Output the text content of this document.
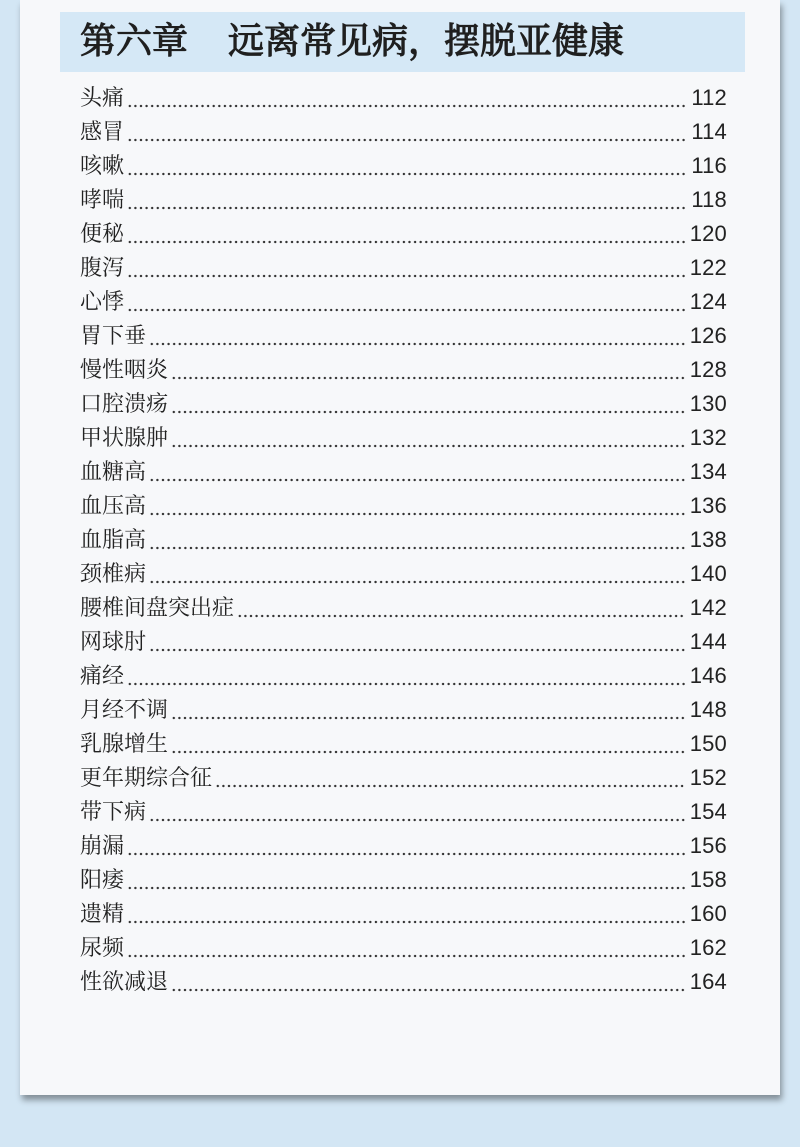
第六章 远离常见病，摆脱亚健康
头痛	112
感冒	114
咳嗽	116
哮喘	118
便秘	120
腹泻	122
心悸	124
胃下垂	126
慢性咽炎	128
口腔溃疡	130
甲状腺肿	132
血糖高	134
血压高	136
血脂高	138
颈椎病	140
腰椎间盘突出症	142
网球肘	144
痛经	146
月经不调	148
乳腺增生	150
更年期综合征	152
带下病	154
崩漏	156
阳痿	158
遗精	160
尿频	162
性欲减退	164
